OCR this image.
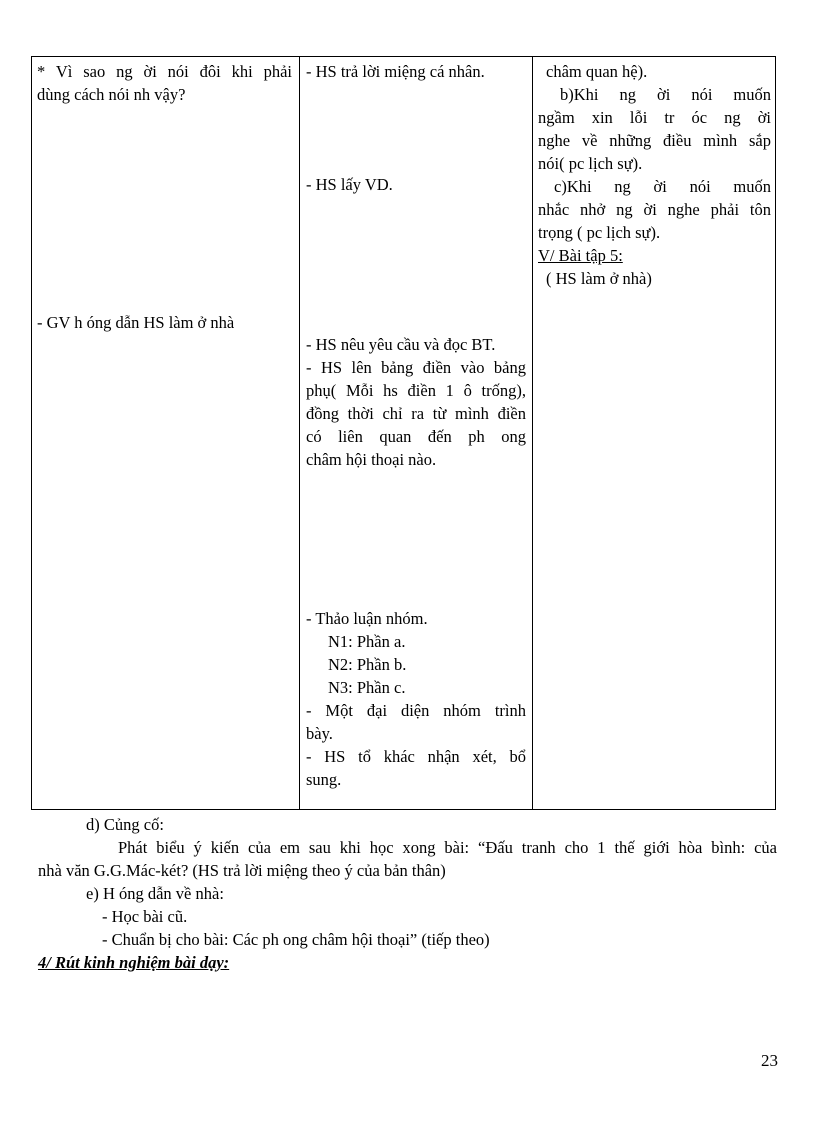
* Vì sao ng ời nói đôi khi phải
dùng cách nói nh vậy?
- GV h óng dẫn HS làm ở nhà
- HS trả lời miệng cá nhân.
- HS lấy VD.
- HS nêu yêu cầu và đọc BT.
- HS lên bảng điền vào bảng
phụ( Mỗi hs điền 1 ô trống),
đồng thời chỉ ra từ mình điền
có liên quan đến ph ong
châm hội thoại nào.
- Thảo luận nhóm.
N1: Phần a.
N2: Phần b.
N3: Phần c.
- Một đại diện nhóm trình
bày.
- HS tổ khác nhận xét, bổ
sung.
châm quan hệ).
b)Khi ng ời nói muốn
ngầm xin lỗi tr óc ng ời
nghe về những điều mình sắp
nói( pc lịch sự).
c)Khi ng ời nói muốn
nhắc nhở ng ời nghe phải tôn
trọng ( pc lịch sự).
V/ Bài tập 5:
( HS làm ở nhà)
d) Củng cố:
Phát biểu ý kiến của em sau khi học xong bài: “Đấu tranh cho 1 thế giới hòa bình: của
nhà văn G.G.Mác-két? (HS trả lời miệng theo ý của bản thân)
e) H óng dẫn về nhà:
- Học bài cũ.
- Chuẩn bị cho bài: Các ph ong châm hội thoại” (tiếp theo)
4/ Rút kinh nghiệm bài dạy:
23
